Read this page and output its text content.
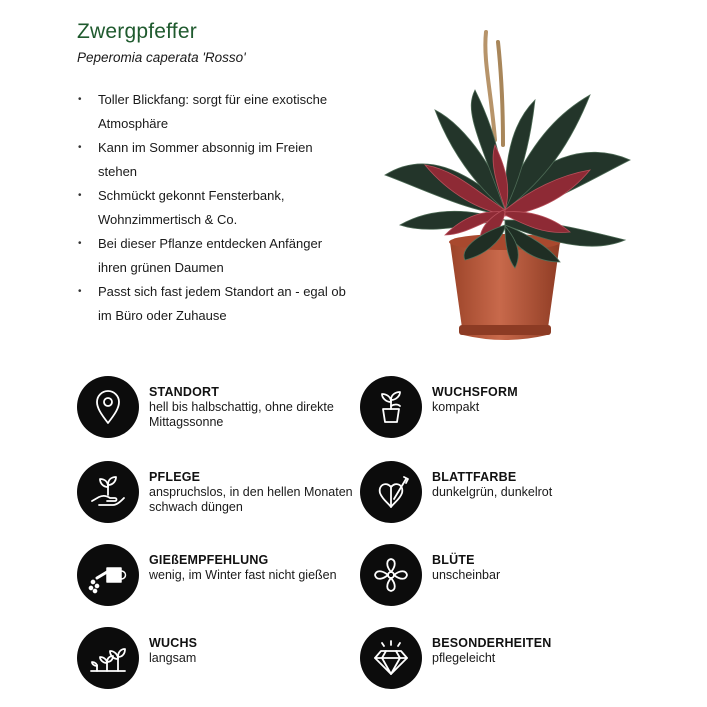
Zwergpfeffer
Peperomia caperata 'Rosso'
• Toller Blickfang: sorgt für eine exotische Atmosphäre
• Kann im Sommer absonnig im Freien stehen
• Schmückt gekonnt Fensterbank, Wohnzimmertisch & Co.
• Bei dieser Pflanze entdecken Anfänger ihren grünen Daumen
• Passt sich fast jedem Standort an - egal ob im Büro oder Zuhause
STANDORT
hell bis halbschattig, ohne direkte Mittagssonne
WUCHSFORM
kompakt
PFLEGE
anspruchslos, in den hellen Monaten schwach düngen
BLATTFARBE
dunkelgrün, dunkelrot
GIEßEMPFEHLUNG
wenig, im Winter fast nicht gießen
BLÜTE
unscheinbar
WUCHS
langsam
BESONDERHEITEN
pflegeleicht
